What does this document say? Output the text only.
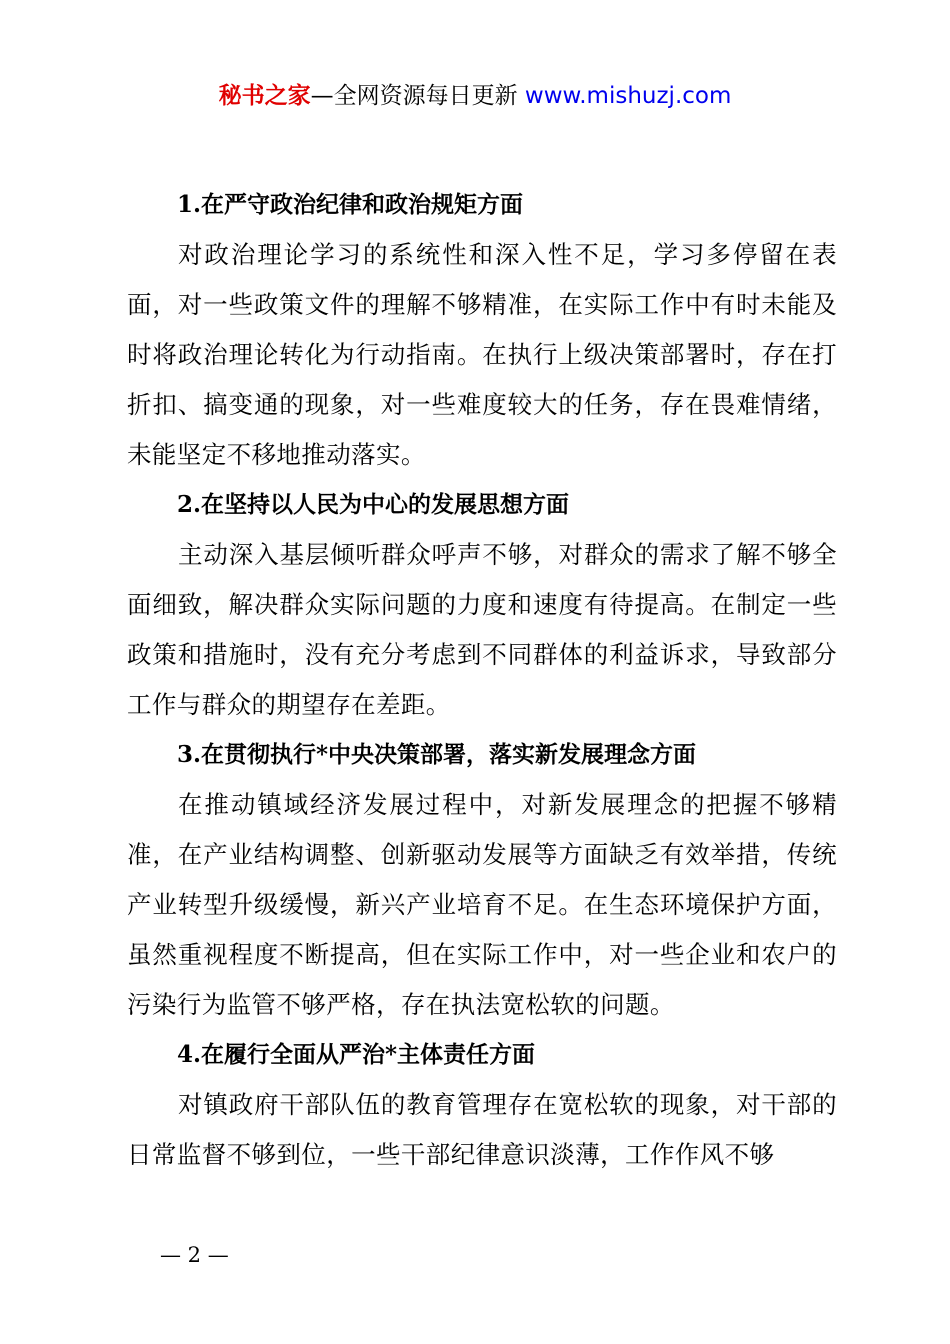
秘书之家—全网资源每日更新 www.mishuzj.com
1.在严守政治纪律和政治规矩方面

对政治理论学习的系统性和深入性不足，学习多停留在表面，对一些政策文件的理解不够精准，在实际工作中有时未能及时将政治理论转化为行动指南。在执行上级决策部署时，存在打折扣、搞变通的现象，对一些难度较大的任务，存在畏难情绪，未能坚定不移地推动落实。

2.在坚持以人民为中心的发展思想方面

主动深入基层倾听群众呼声不够，对群众的需求了解不够全面细致，解决群众实际问题的力度和速度有待提高。在制定一些政策和措施时，没有充分考虑到不同群体的利益诉求，导致部分工作与群众的期望存在差距。

3.在贯彻执行*中央决策部署，落实新发展理念方面

在推动镇域经济发展过程中，对新发展理念的把握不够精准，在产业结构调整、创新驱动发展等方面缺乏有效举措，传统产业转型升级缓慢，新兴产业培育不足。在生态环境保护方面，虽然重视程度不断提高，但在实际工作中，对一些企业和农户的污染行为监管不够严格，存在执法宽松软的问题。

4.在履行全面从严治*主体责任方面

对镇政府干部队伍的教育管理存在宽松软的现象，对干部的日常监督不够到位，一些干部纪律意识淡薄，工作作风不够

— 2 —
